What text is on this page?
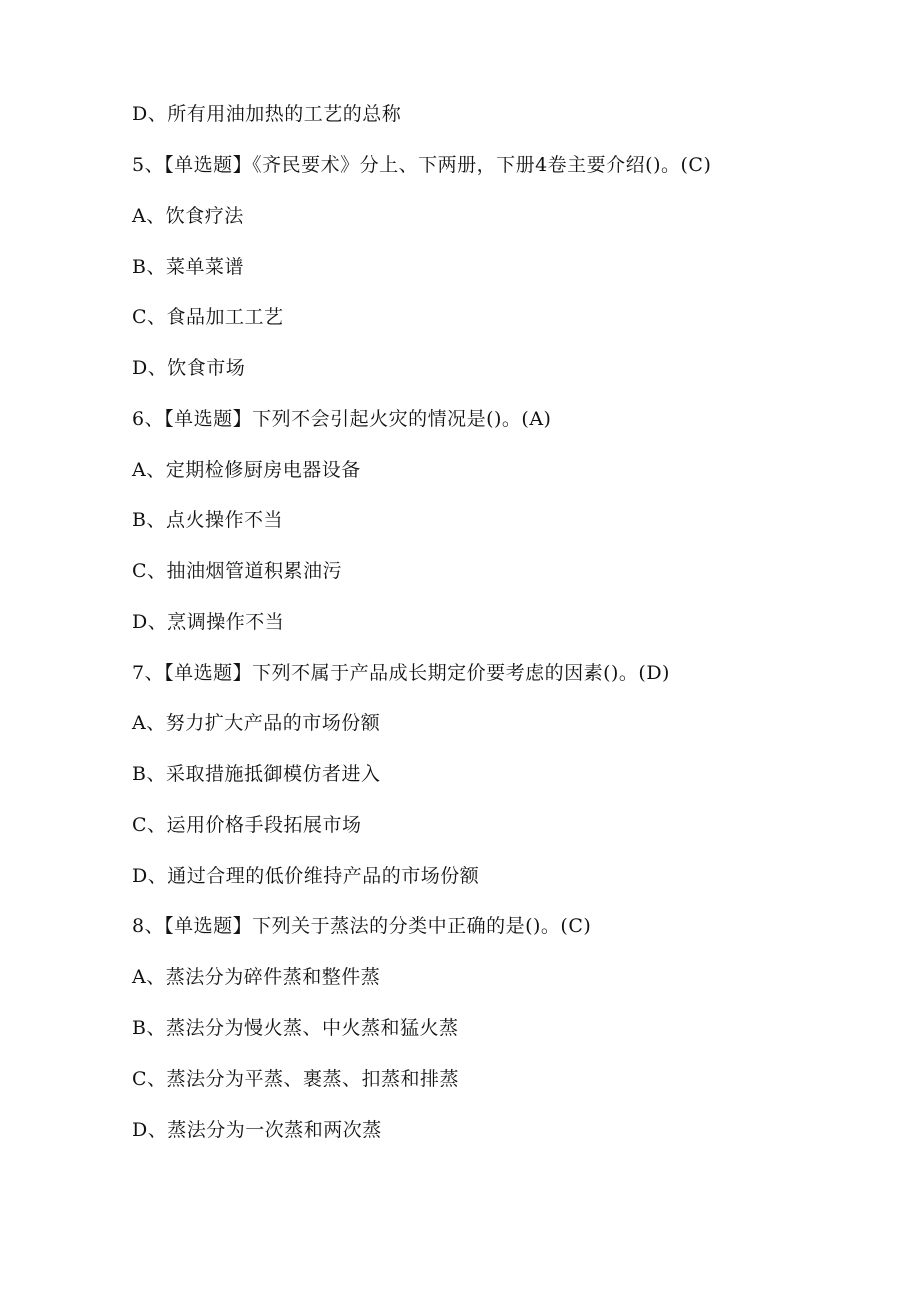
D、所有用油加热的工艺的总称
5、【单选题】《齐民要术》分上、下两册，下册4卷主要介绍()。(C)
A、饮食疗法
B、菜单菜谱
C、食品加工工艺
D、饮食市场
6、【单选题】下列不会引起火灾的情况是()。(A)
A、定期检修厨房电器设备
B、点火操作不当
C、抽油烟管道积累油污
D、烹调操作不当
7、【单选题】下列不属于产品成长期定价要考虑的因素()。(D)
A、努力扩大产品的市场份额
B、采取措施抵御模仿者进入
C、运用价格手段拓展市场
D、通过合理的低价维持产品的市场份额
8、【单选题】下列关于蒸法的分类中正确的是()。(C)
A、蒸法分为碎件蒸和整件蒸
B、蒸法分为慢火蒸、中火蒸和猛火蒸
C、蒸法分为平蒸、裹蒸、扣蒸和排蒸
D、蒸法分为一次蒸和两次蒸
